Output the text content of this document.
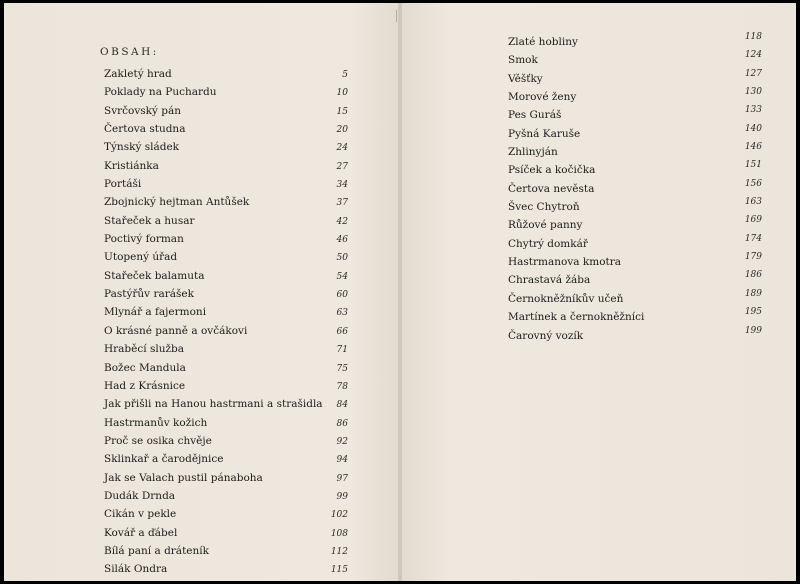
OBSAH:
Zakletý hrad	5
Poklady na Puchardu	10
Svrčovský pán	15
Čertova studna	20
Týnský sládek	24
Kristiánka	27
Portáši	34
Zbojnický hejtman Antůšek	37
Stařeček a husar	42
Poctivý forman	46
Utopený úřad	50
Stařeček balamuta	54
Pastýřův rarášek	60
Mlynář a fajermoni	63
O krásné panně a ovčákovi	66
Hraběcí služba	71
Božec Mandula	75
Had z Krásnice	78
Jak přišli na Hanou hastrmani a strašidla	84
Hastrmanův kožich	86
Proč se osika chvěje	92
Sklinkař a čarodějnice	94
Jak se Valach pustil pánaboha	97
Dudák Drnda	99
Cikán v pekle	102
Kovář a ďábel	108
Bílá paní a dráteník	112
Silák Ondra	115
Zlaté hobliny	118
Smok	124
Věšťky	127
Morové ženy	130
Pes Guráš	133
Pyšná Karuše	140
Zhlinyján	146
Psíček a kočička	151
Čertova nevěsta	156
Švec Chytroň	163
Růžové panny	169
Chytrý domkář	174
Hastrmanova kmotra	179
Chrastavá žába	186
Černokněžníkův učeň	189
Martínek a černokněžníci	195
Čarovný vozík	199
